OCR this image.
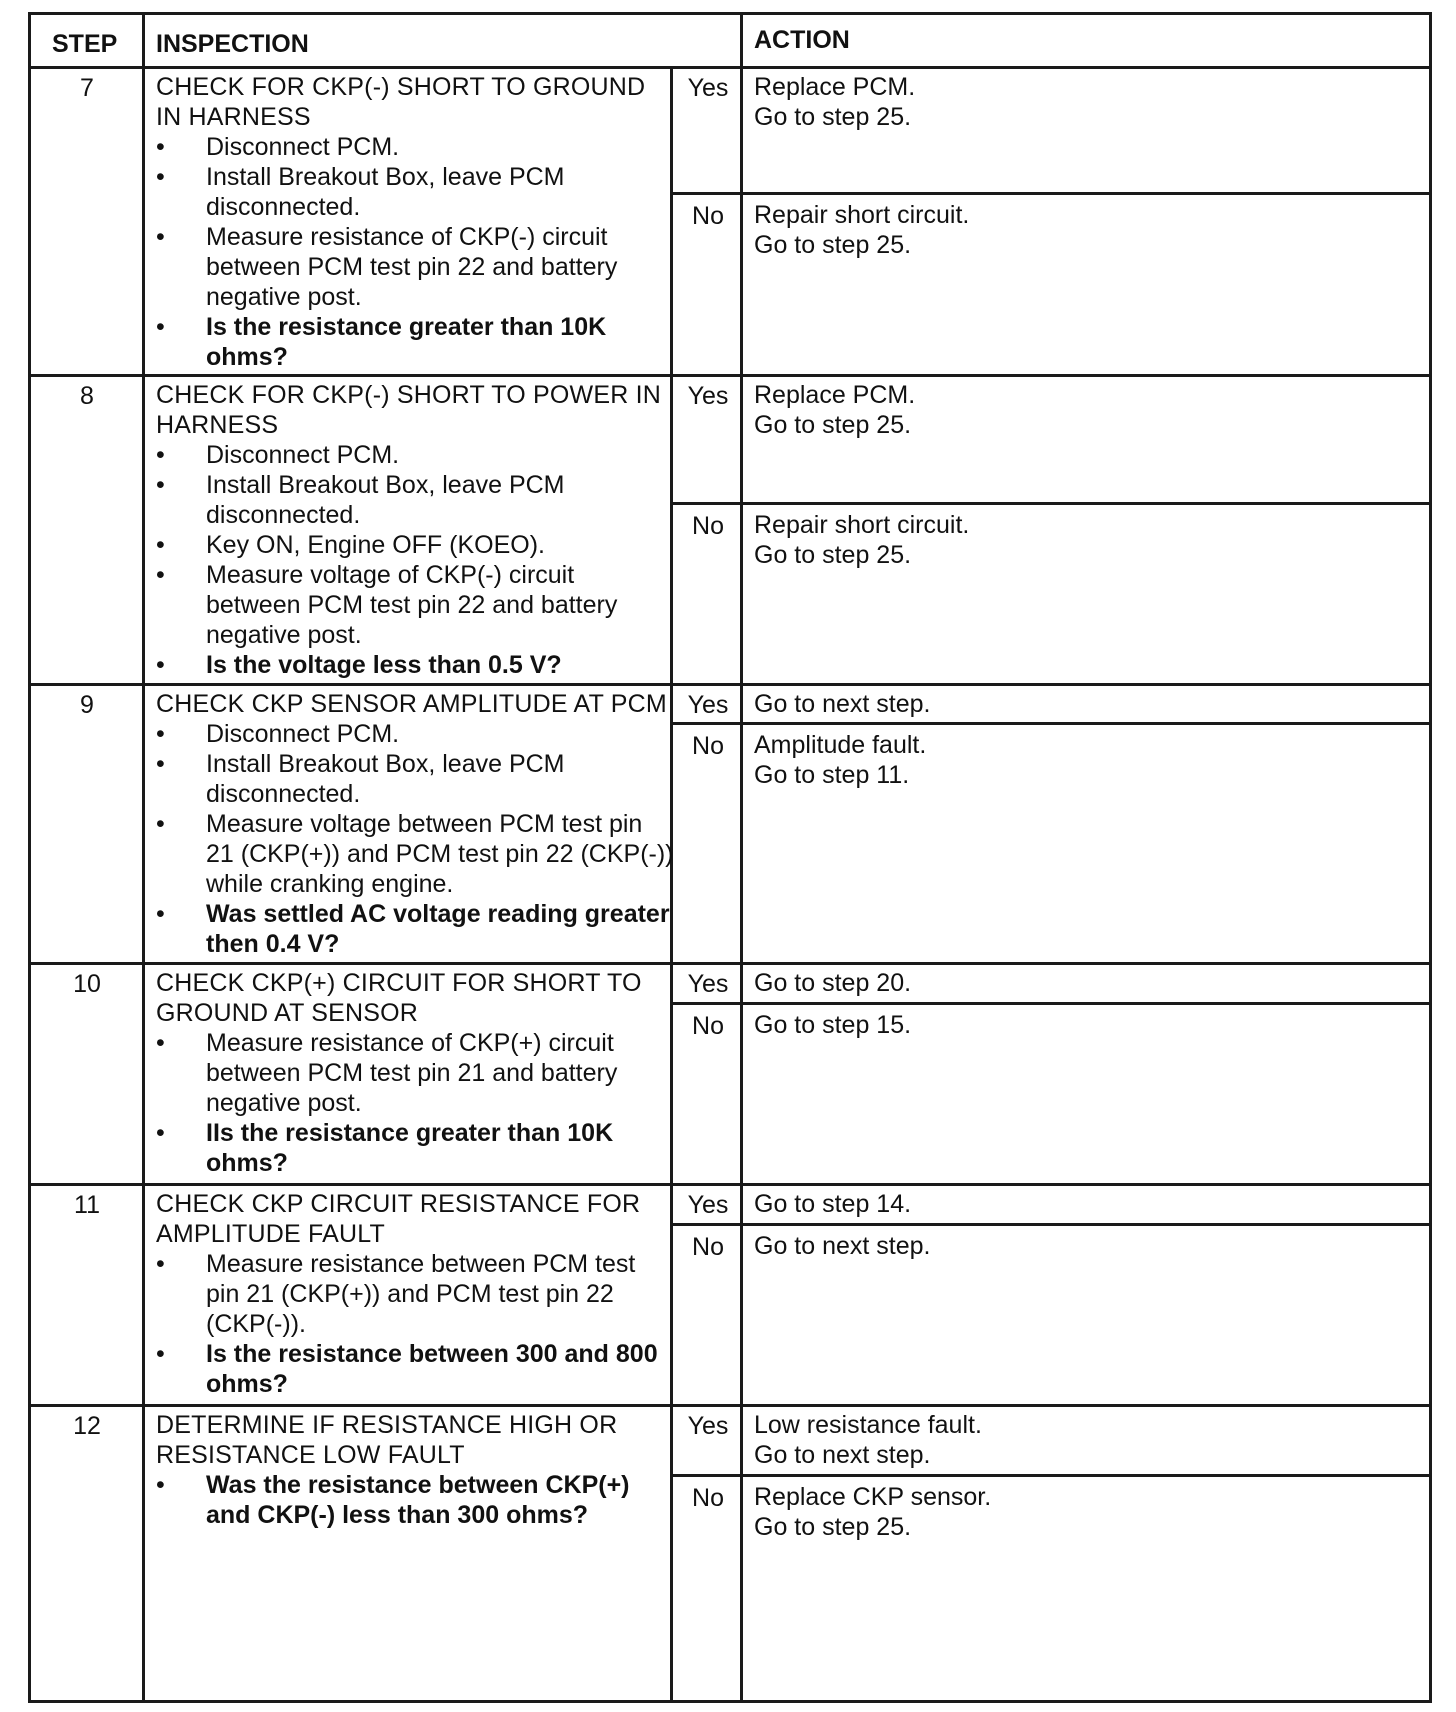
STEP INSPECTION	ACTION
7	CHECK FOR CKP(-) SHORT TO GROUND
IN HARNESS
•	Disconnect PCM.
•	Install Breakout Box, leave PCM
disconnected.
•	Measure resistance of CKP(-) circuit
between PCM test pin 22 and battery
negative post.
•	Is the resistance greater than 10K
ohms?
Yes	Replace PCM.
Go to step 25.
No	Repair short circuit.
Go to step 25.
8	CHECK FOR CKP(-) SHORT TO POWER IN
HARNESS
•	Disconnect PCM.
•	Install Breakout Box, leave PCM
disconnected.
•	Key ON, Engine OFF (KOEO).
•	Measure voltage of CKP(-) circuit
between PCM test pin 22 and battery
negative post.
•	Is the voltage less than 0.5 V?
Yes	Replace PCM.
Go to step 25.
No	Repair short circuit.
Go to step 25.
9	CHECK CKP SENSOR AMPLITUDE AT PCM
•	Disconnect PCM.
•	Install Breakout Box, leave PCM
disconnected.
•	Measure voltage between PCM test pin
21 (CKP(+)) and PCM test pin 22 (CKP(-))
while cranking engine.
•	Was settled AC voltage reading greater
then 0.4 V?
Yes	Go to next step.
No	Amplitude fault.
Go to step 11.
10	CHECK CKP(+) CIRCUIT FOR SHORT TO
GROUND AT SENSOR
•	Measure resistance of CKP(+) circuit
between PCM test pin 21 and battery
negative post.
•	IIs the resistance greater than 10K
ohms?
Yes	Go to step 20.
No	Go to step 15.
11	CHECK CKP CIRCUIT RESISTANCE FOR
AMPLITUDE FAULT
•	Measure resistance between PCM test
pin 21 (CKP(+)) and PCM test pin 22
(CKP(-)).
•	Is the resistance between 300 and 800
ohms?
Yes	Go to step 14.
No	Go to next step.
12	DETERMINE IF RESISTANCE HIGH OR
RESISTANCE LOW FAULT
•	Was the resistance between CKP(+)
and CKP(-) less than 300 ohms?
Yes	Low resistance fault.
Go to next step.
No	Replace CKP sensor.
Go to step 25.
